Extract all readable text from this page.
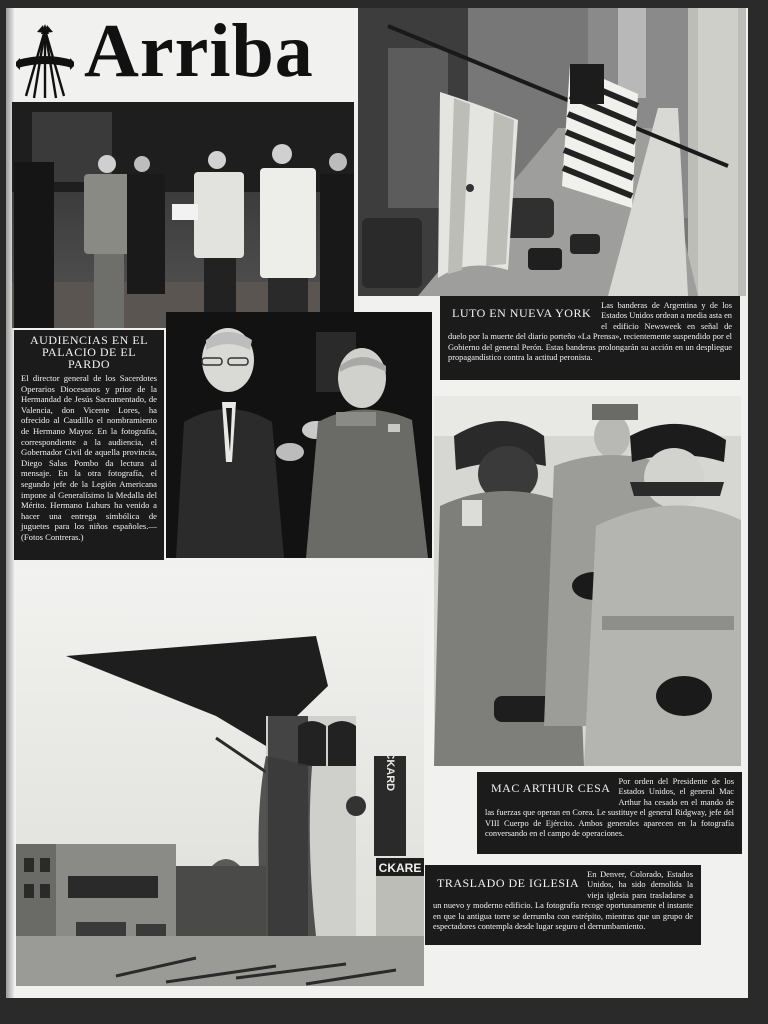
Arriba
AUDIENCIAS EN EL PALACIO DE EL PARDO
El director general de los Sacerdotes Operarios Diocesanos y prior de la Hermandad de Jesús Sacramentado, de Valencia, don Vicente Lores, ha ofrecido al Caudillo el nombramiento de Hermano Mayor. En la fotografía, correspondiente a la audiencia, el Gobernador Civil de aquella provincia, Diego Salas Pombo da lectura al mensaje. En la otra fotografía, el segundo jefe de la Legión Americana impone al Generalísimo la Medalla del Mérito. Hermano Luhurs ha venido a hacer una entrega simbólica de juguetes para los niños españoles.—(Fotos Contreras.)
LUTO EN NUEVA YORK
Las banderas de Argentina y de los Estados Unidos ordean a media asta en el edificio Newsweek en señal de duelo por la muerte del diario porteño «La Prensa», recientemente suspendido por el Gobierno del general Perón. Estas banderas prolongarán su acción en un despliegue propagandístico contra la actitud peronista.
MAC ARTHUR CESA Por orden del Presidente de los Estados Unidos, el general Mac Arthur ha cesado en el mando de las fuerzas que operan en Corea. Le sustituye el general Ridgway, jefe del VIII Cuerpo de Ejército. Ambos generales aparecen en la fotografía conversando en el campo de operaciones.
PACKARD
CKARE
TRASLADO DE IGLESIA
En Denver, Colorado, Estados Unidos, ha sido demolida la vieja iglesia para trasladarse a un nuevo y moderno edificio. La fotografía recoge oportunamente el instante en que la antigua torre se derrumba con estrépito, mientras que un grupo de espectadores contempla desde lugar seguro el derrumbamiento.
